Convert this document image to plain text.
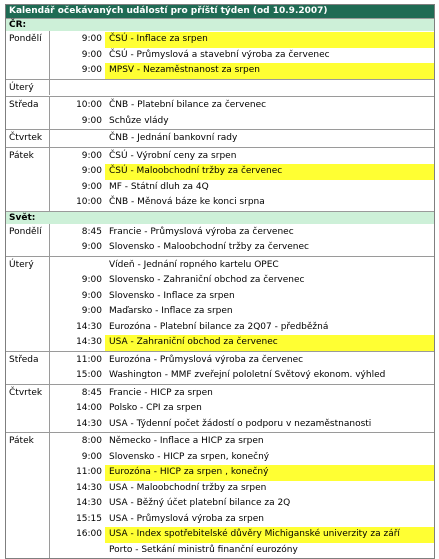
Kalendář očekávaných událostí pro příští týden (od 10.9.2007)
ČR:
Pondělí	9:00 ČSÚ - Inflace za srpen
9:00 ČSÚ - Průmyslová a stavební výroba za červenec
9:00 MPSV - Nezaměstnanost za srpen
Úterý
Středa	10:00 ČNB - Platební bilance za červenec
9:00 Schůze vlády
Čtvrtek	ČNB - Jednání bankovní rady
Pátek	9:00 ČSÚ - Výrobní ceny za srpen
9:00 ČSÚ - Maloobchodní tržby za červenec
9:00 MF - Státní dluh za 4Q
10:00 ČNB - Měnová báze ke konci srpna
Svět:
Pondělí	8:45 Francie - Průmyslová výroba za červenec
9:00 Slovensko - Maloobchodní tržby za červenec
Úterý	Vídeň - Jednání ropného kartelu OPEC
9:00 Slovensko - Zahraniční obchod za červenec
9:00 Slovensko - Inflace za srpen
9:00 Maďarsko - Inflace za srpen
14:30 Eurozóna - Platební bilance za 2Q07 - předběžná
14:30 USA - Zahraniční obchod za červenec
Středa	11:00 Eurozóna - Průmyslová výroba za červenec
15:00 Washington - MMF zveřejní pololetní Světový ekonom. výhled
Čtvrtek	8:45 Francie - HICP za srpen
14:00 Polsko - CPI za srpen
14:30 USA - Týdenní počet žádostí o podporu v nezaměstnanosti
Pátek	8:00 Německo - Inflace a HICP za srpen
9:00 Slovensko - HICP za srpen, konečný
11:00 Eurozóna - HICP za srpen , konečný
14:30 USA - Maloobchodní tržby za srpen
14:30 USA - Běžný účet platební bilance za 2Q
15:15 USA - Průmyslová výroba za srpen
16:00 USA - Index spotřebitelské důvěry Michiganské univerzity za září
Porto - Setkání ministrů finanční eurozóny
